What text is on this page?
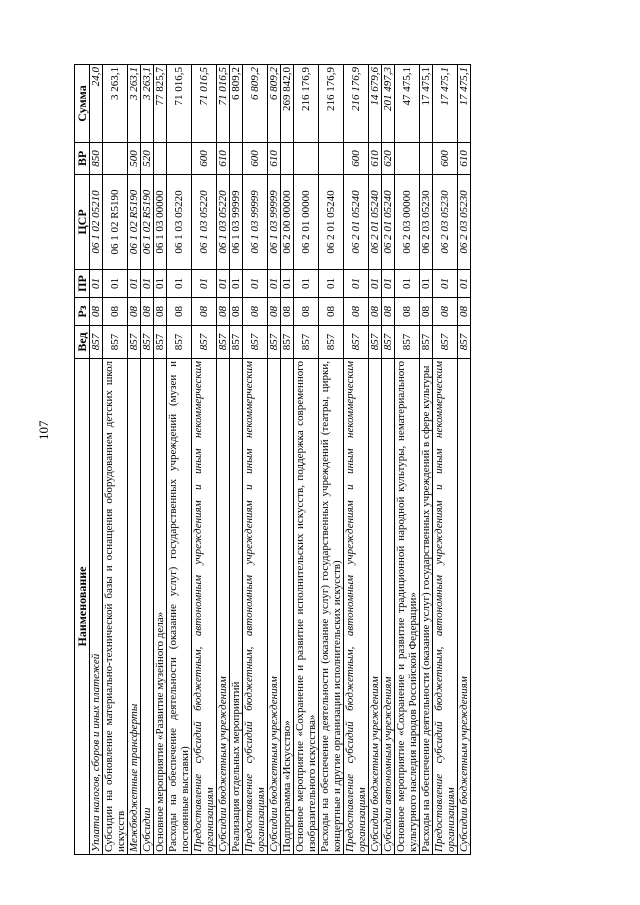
107
Наименование	Вед	Рз	ПР	ЦСР	ВР	Сумма
Уплата налогов, сборов и иных платежей	857	08	01	06 1 02 05210	850	24,0
Субсидии на обновление материально-технической базы и оснащения оборудованием детских школ искусств	857	08	01	06 1 02 R5190		3 263,1
Межбюджетные трансферты	857	08	01	06 1 02 R5190	500	3 263,1
Субсидии	857	08	01	06 1 02 R5190	520	3 263,1
Основное мероприятие «Развитие музейного дела»	857	08	01	06 1 03 00000		77 825,7
Расходы на обеспечение деятельности (оказание услуг) государственных учреждений (музеи и постоянные выставки)	857	08	01	06 1 03 05220		71 016,5
Предоставление субсидий бюджетным, автономным учреждениям и иным некоммерческим организациям	857	08	01	06 1 03 05220	600	71 016,5
Субсидии бюджетным учреждениям	857	08	01	06 1 03 05220	610	71 016,5
Реализация отдельных мероприятий	857	08	01	06 1 03 99999		6 809,2
Предоставление субсидий бюджетным, автономным учреждениям и иным некоммерческим организациям	857	08	01	06 1 03 99999	600	6 809,2
Субсидии бюджетным учреждениям	857	08	01	06 1 03 99999	610	6 809,2
Подпрограмма «Искусство»	857	08	01	06 2 00 00000		269 842,0
Основное мероприятие «Сохранение и развитие исполнительских искусств, поддержка современного изобразительного искусства»	857	08	01	06 2 01 00000		216 176,9
Расходы на обеспечение деятельности (оказание услуг) государственных учреждений (театры, цирки, концертные и другие организации исполнительских искусств)	857	08	01	06 2 01 05240		216 176,9
Предоставление субсидий бюджетным, автономным учреждениям и иным некоммерческим организациям	857	08	01	06 2 01 05240	600	216 176,9
Субсидии бюджетным учреждениям	857	08	01	06 2 01 05240	610	14 679,6
Субсидии автономным учреждениям	857	08	01	06 2 01 05240	620	201 497,3
Основное мероприятие «Сохранение и развитие традиционной народной культуры, нематериального культурного наследия народов Российской Федерации»	857	08	01	06 2 03 00000		47 475,1
Расходы на обеспечение деятельности (оказание услуг) государственных учреждений в сфере культуры	857	08	01	06 2 03 05230		17 475,1
Предоставление субсидий бюджетным, автономным учреждениям и иным некоммерческим организациям	857	08	01	06 2 03 05230	600	17 475,1
Субсидии бюджетным учреждениям	857	08	01	06 2 03 05230	610	17 475,1
